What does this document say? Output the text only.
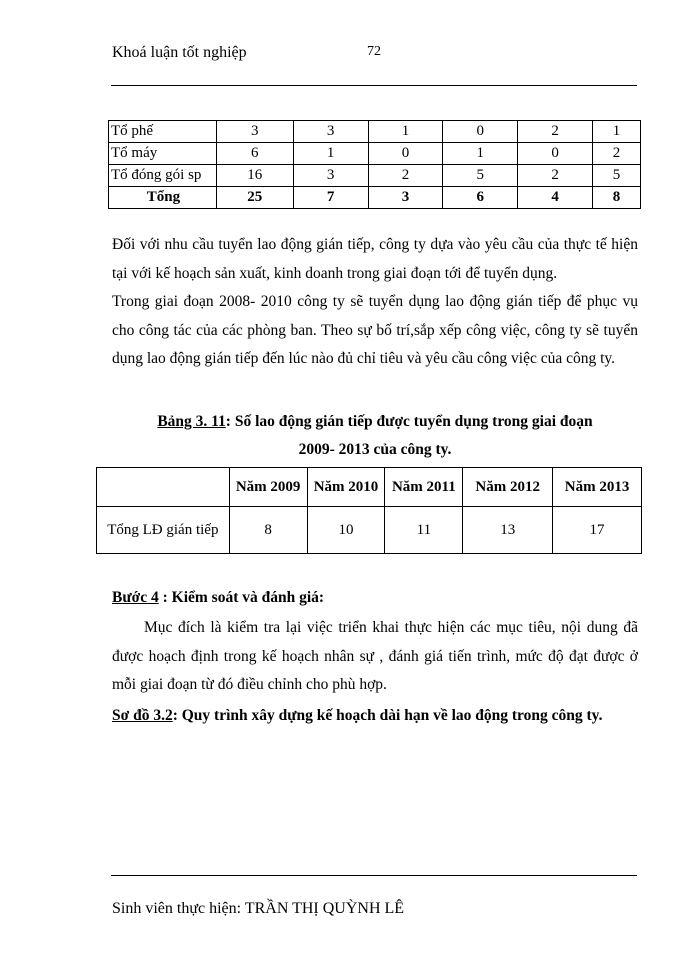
Khoá luận tốt nghiệp	72
Tổ phế	3	3	1	0	2	1
Tổ máy	6	1	0	1	0	2
Tổ đóng gói sp	16	3	2	5	2	5
Tổng	25	7	3	6	4	8
Đối với nhu cầu tuyển lao động gián tiếp, công ty dựa vào yêu cầu của thực tế hiện tại với kế hoạch sản xuất, kinh doanh trong giai đoạn tới để tuyển dụng.
Trong giai đoạn 2008- 2010 công ty sẽ tuyển dụng lao động gián tiếp để phục vụ cho công tác của các phòng ban. Theo sự bố trí,sắp xếp công việc, công ty sẽ tuyển dụng lao động gián tiếp đến lúc nào đủ chỉ tiêu và yêu cầu công việc của công ty.
Bảng 3. 11: Số lao động gián tiếp được tuyển dụng trong giai đoạn
2009- 2013 của công ty.
	Năm 2009	Năm 2010	Năm 2011	Năm 2012	Năm 2013
Tổng LĐ gián tiếp	8	10	11	13	17
Bước 4 : Kiểm soát và đánh giá:
Mục đích là kiểm tra lại việc triển khai thực hiện các mục tiêu, nội dung đã được hoạch định trong kế hoạch nhân sự , đánh giá tiến trình, mức độ đạt được ở mỗi giai đoạn từ đó điều chỉnh cho phù hợp.
Sơ đồ 3.2: Quy trình xây dựng kế hoạch dài hạn về lao động trong công ty.
Sinh viên thực hiện: TRẦN THỊ QUỲNH LÊ
